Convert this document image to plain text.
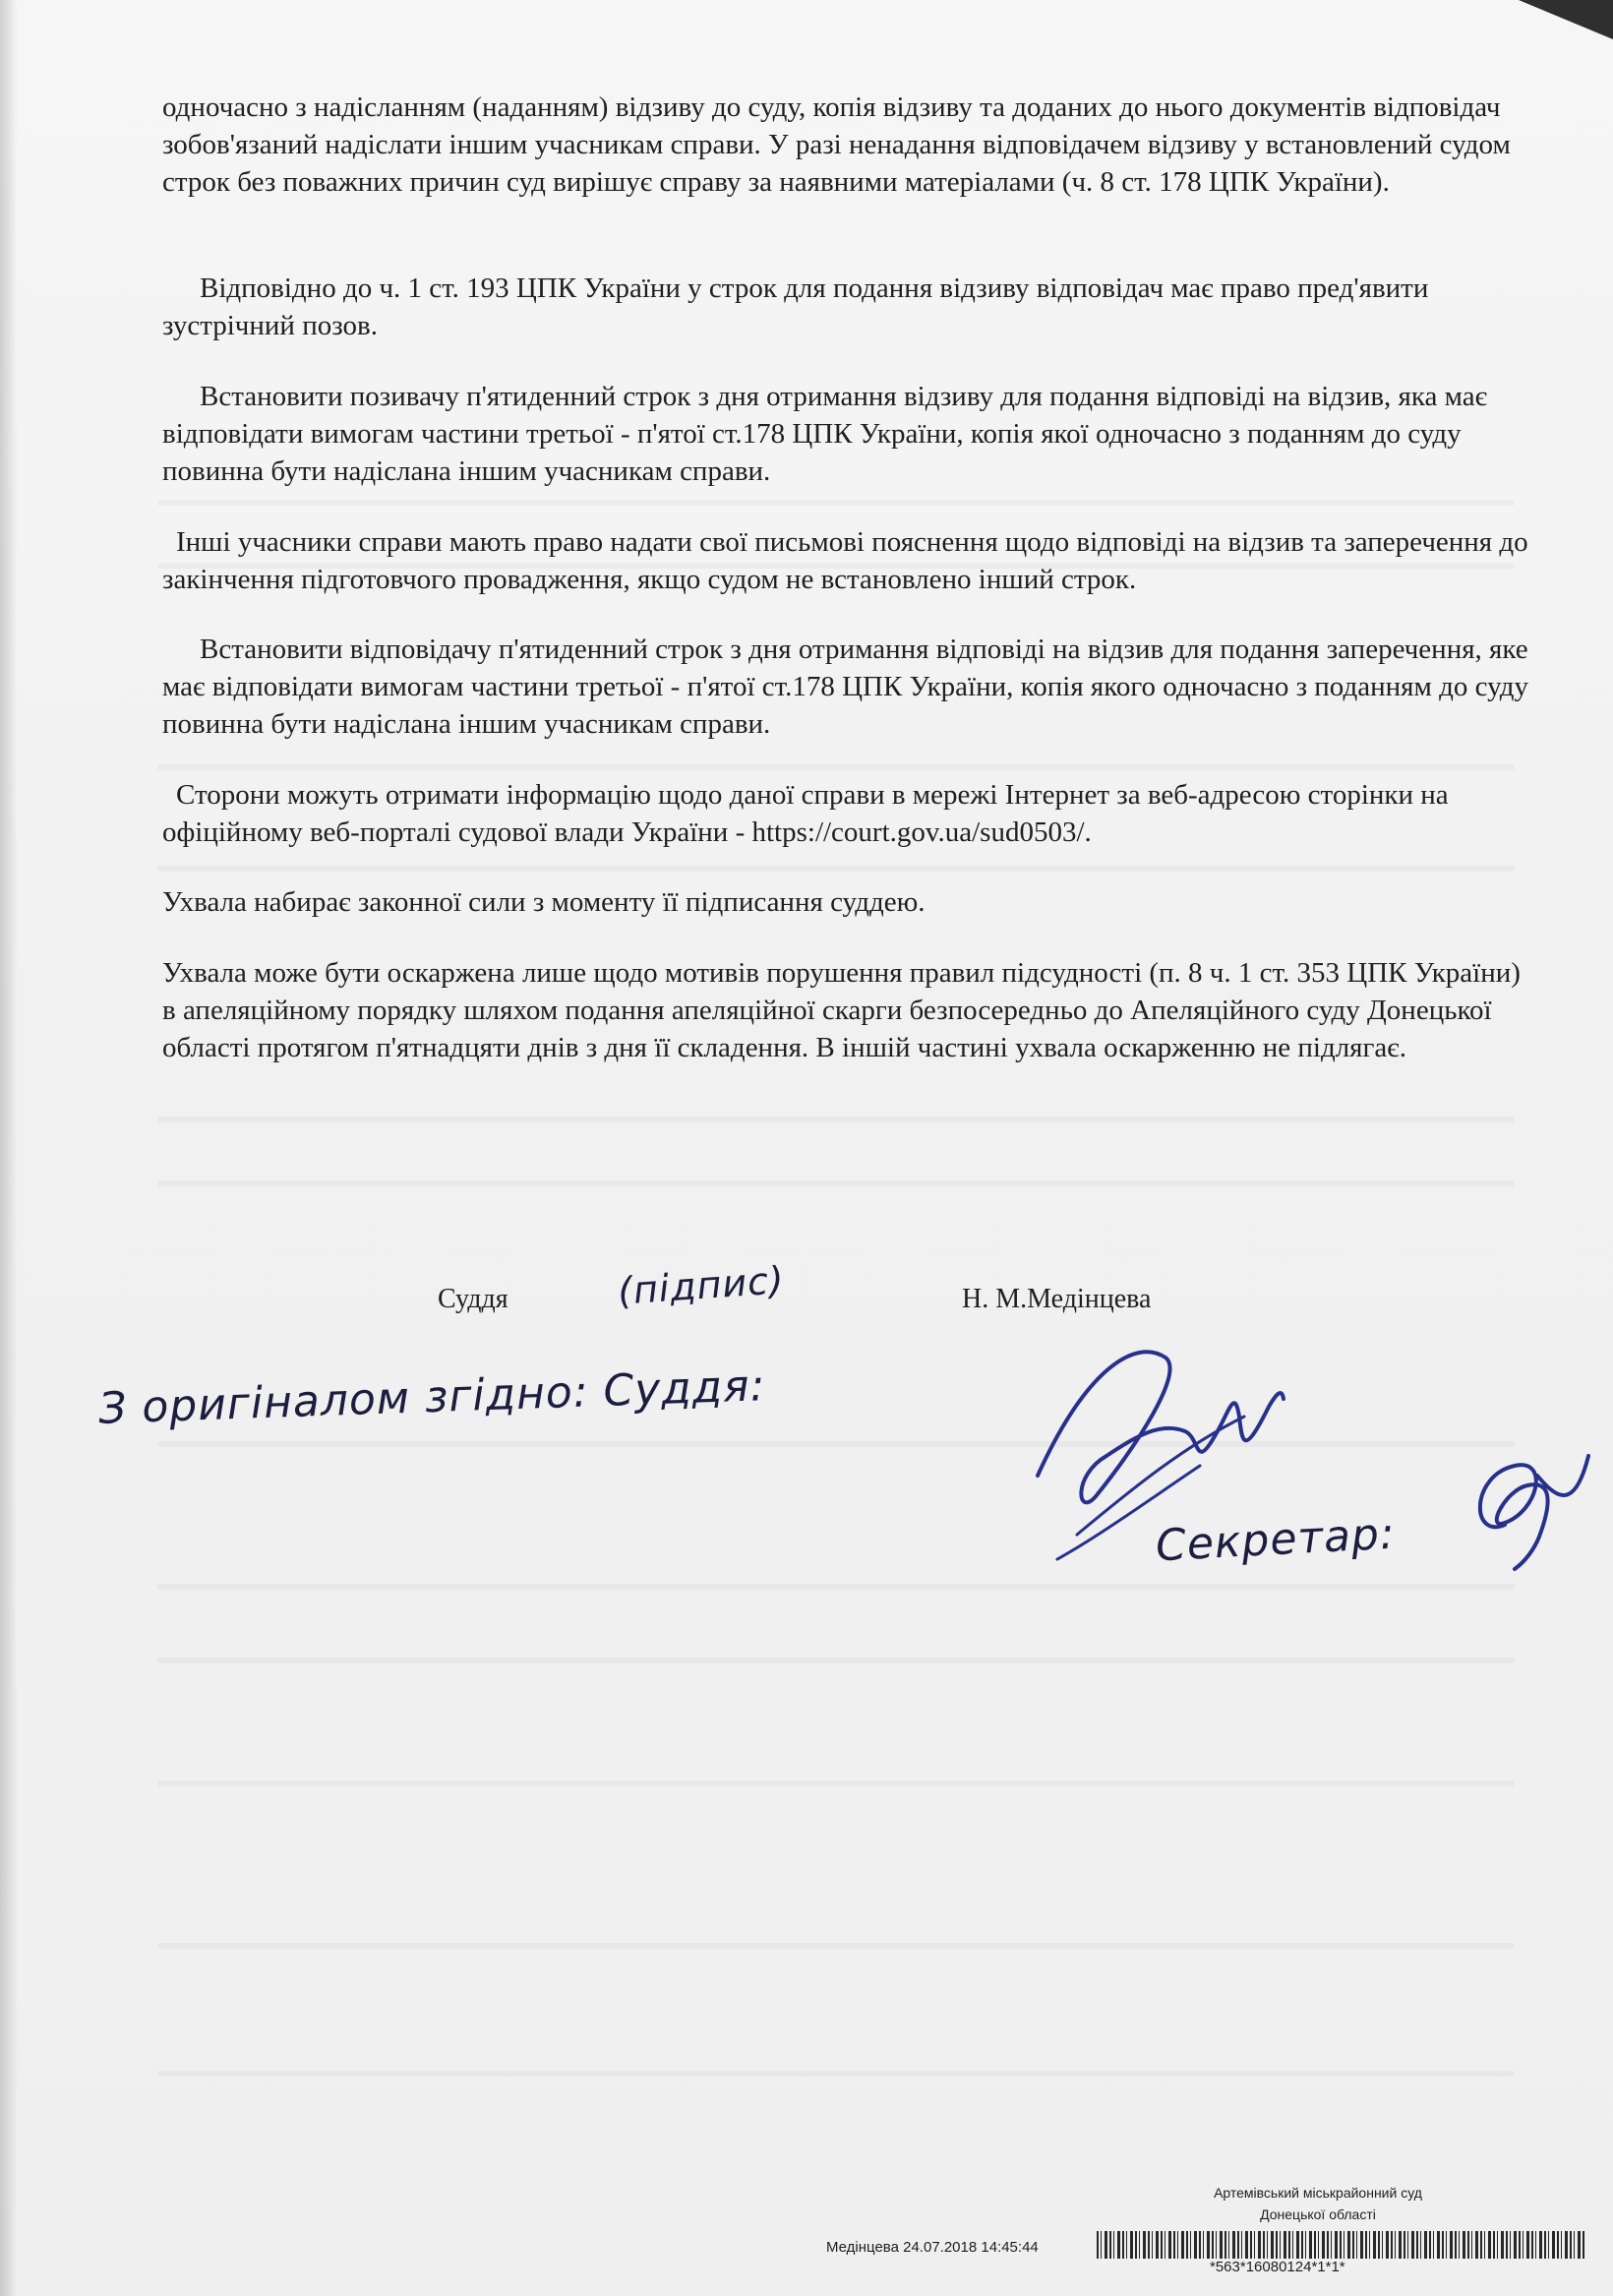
одночасно з надісланням (наданням) відзиву до суду, копія відзиву та доданих до нього документів відповідач зобов'язаний надіслати іншим учасникам справи. У разі ненадання відповідачем відзиву у встановлений судом строк без поважних причин суд вирішує справу за наявними матеріалами (ч. 8 ст. 178 ЦПК України).

Відповідно до ч. 1 ст. 193 ЦПК України у строк для подання відзиву відповідач має право пред'явити зустрічний позов.

Встановити позивачу п'ятиденний строк з дня отримання відзиву для подання відповіді на відзив, яка має відповідати вимогам частини третьої - п'ятої ст.178 ЦПК України, копія якої одночасно з поданням до суду повинна бути надіслана іншим учасникам справи.

Інші учасники справи мають право надати свої письмові пояснення щодо відповіді на відзив та заперечення до закінчення підготовчого провадження, якщо судом не встановлено інший строк.

Встановити відповідачу п'ятиденний строк з дня отримання відповіді на відзив для подання заперечення, яке має відповідати вимогам частини третьої - п'ятої ст.178 ЦПК України, копія якого одночасно з поданням до суду повинна бути надіслана іншим учасникам справи.

Сторони можуть отримати інформацію щодо даної справи в мережі Інтернет за веб-адресою сторінки на офіційному веб-порталі судової влади України - https://court.gov.ua/sud0503/.

Ухвала набирає законної сили з моменту її підписання суддею.

Ухвала може бути оскаржена лише щодо мотивів порушення правил підсудності (п. 8 ч. 1 ст. 353 ЦПК України) в апеляційному порядку шляхом подання апеляційної скарги безпосередньо до Апеляційного суду Донецької області протягом п'ятнадцяти днів з дня її складення. В іншій частині ухвала оскарженню не підлягає.

Суддя	(підпис)	Н. М.Медінцева
З оригіналом згідно: Суддя:
Секретар:
Артемівський міськрайонний суд
Донецької області
Медінцева 24.07.2018 14:45:44
*563*16080124*1*1*
